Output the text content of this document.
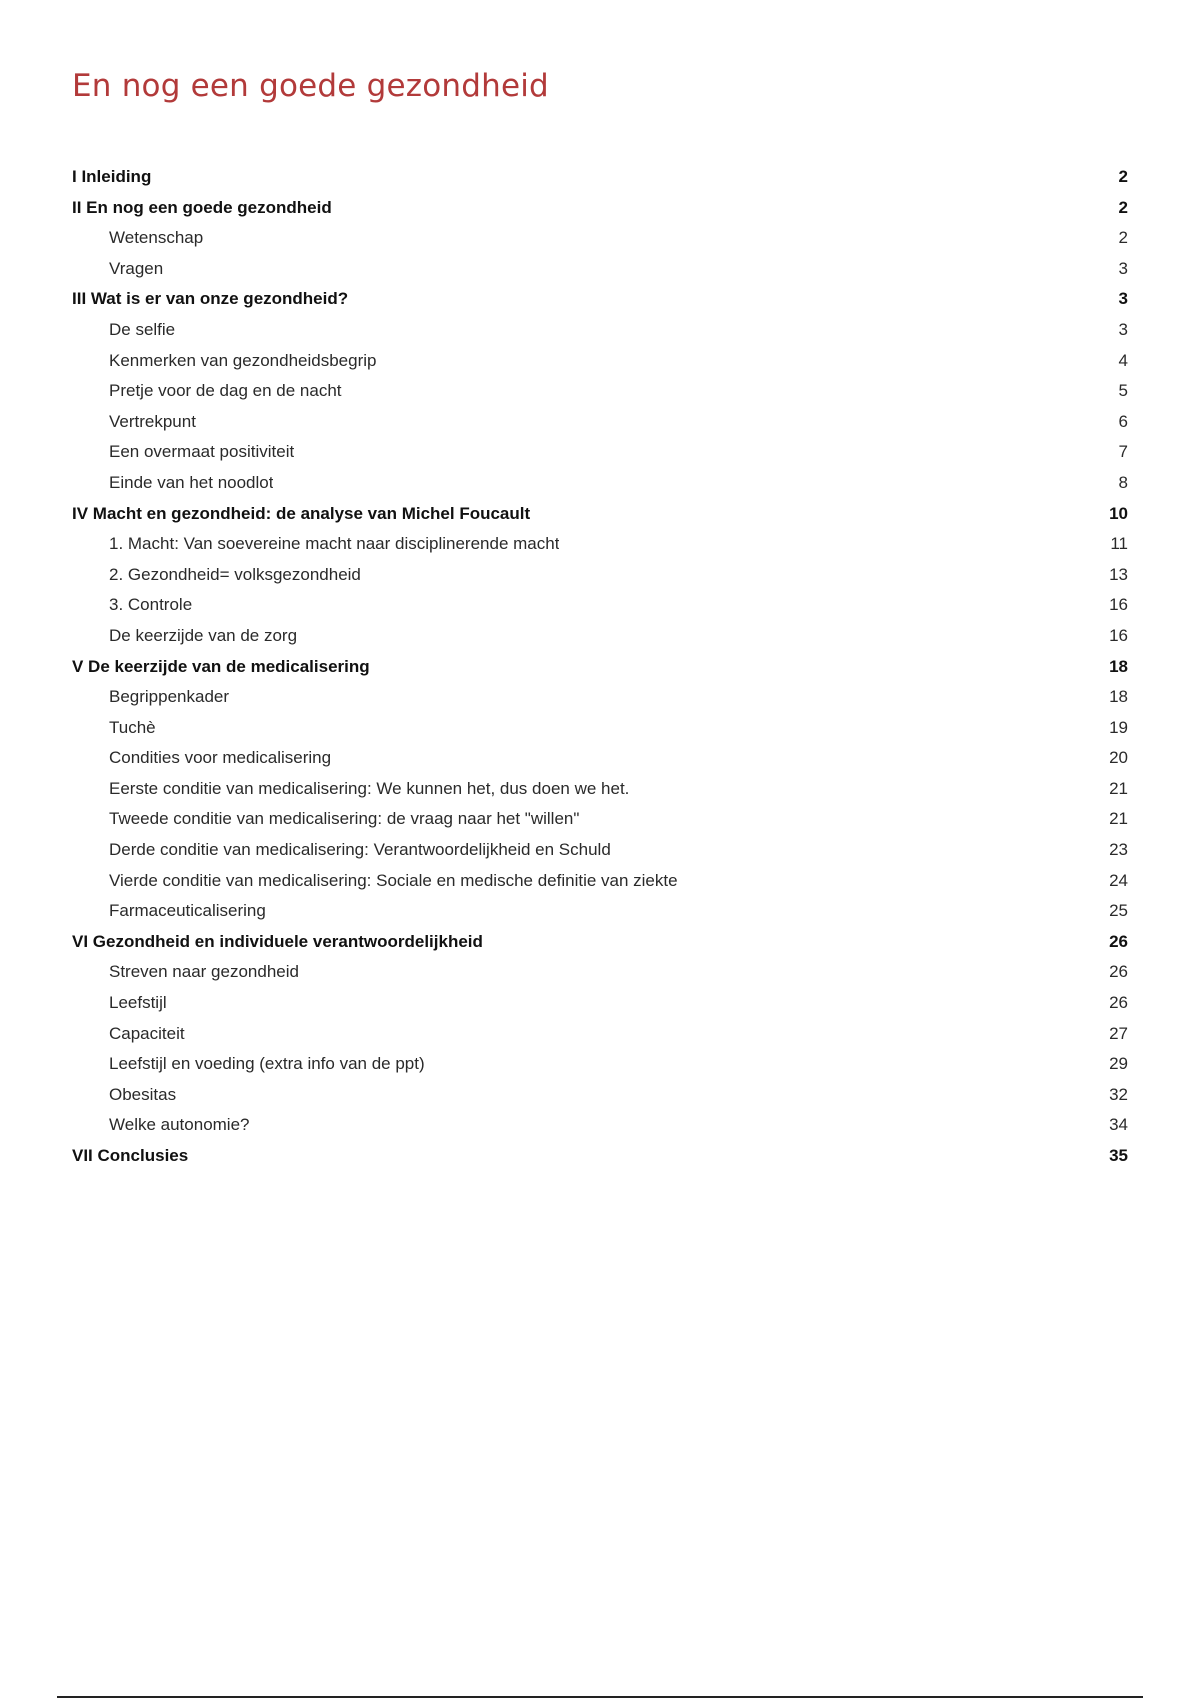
En nog een goede gezondheid
I Inleiding	2
II En nog een goede gezondheid	2
Wetenschap	2
Vragen	3
III Wat is er van onze gezondheid?	3
De selfie	3
Kenmerken van gezondheidsbegrip	4
Pretje voor de dag en de nacht	5
Vertrekpunt	6
Een overmaat positiviteit	7
Einde van het noodlot	8
IV Macht en gezondheid: de analyse van Michel Foucault	10
1. Macht: Van soevereine macht naar disciplinerende macht	11
2. Gezondheid= volksgezondheid	13
3. Controle	16
De keerzijde van de zorg	16
V De keerzijde van de medicalisering	18
Begrippenkader	18
Tuchè	19
Condities voor medicalisering	20
Eerste conditie van medicalisering: We kunnen het, dus doen we het.	21
Tweede conditie van medicalisering: de vraag naar het "willen"	21
Derde conditie van medicalisering: Verantwoordelijkheid en Schuld	23
Vierde conditie van medicalisering: Sociale en medische definitie van ziekte	24
Farmaceuticalisering	25
VI Gezondheid en individuele verantwoordelijkheid	26
Streven naar gezondheid	26
Leefstijl	26
Capaciteit	27
Leefstijl en voeding (extra info van de ppt)	29
Obesitas	32
Welke autonomie?	34
VII Conclusies	35
